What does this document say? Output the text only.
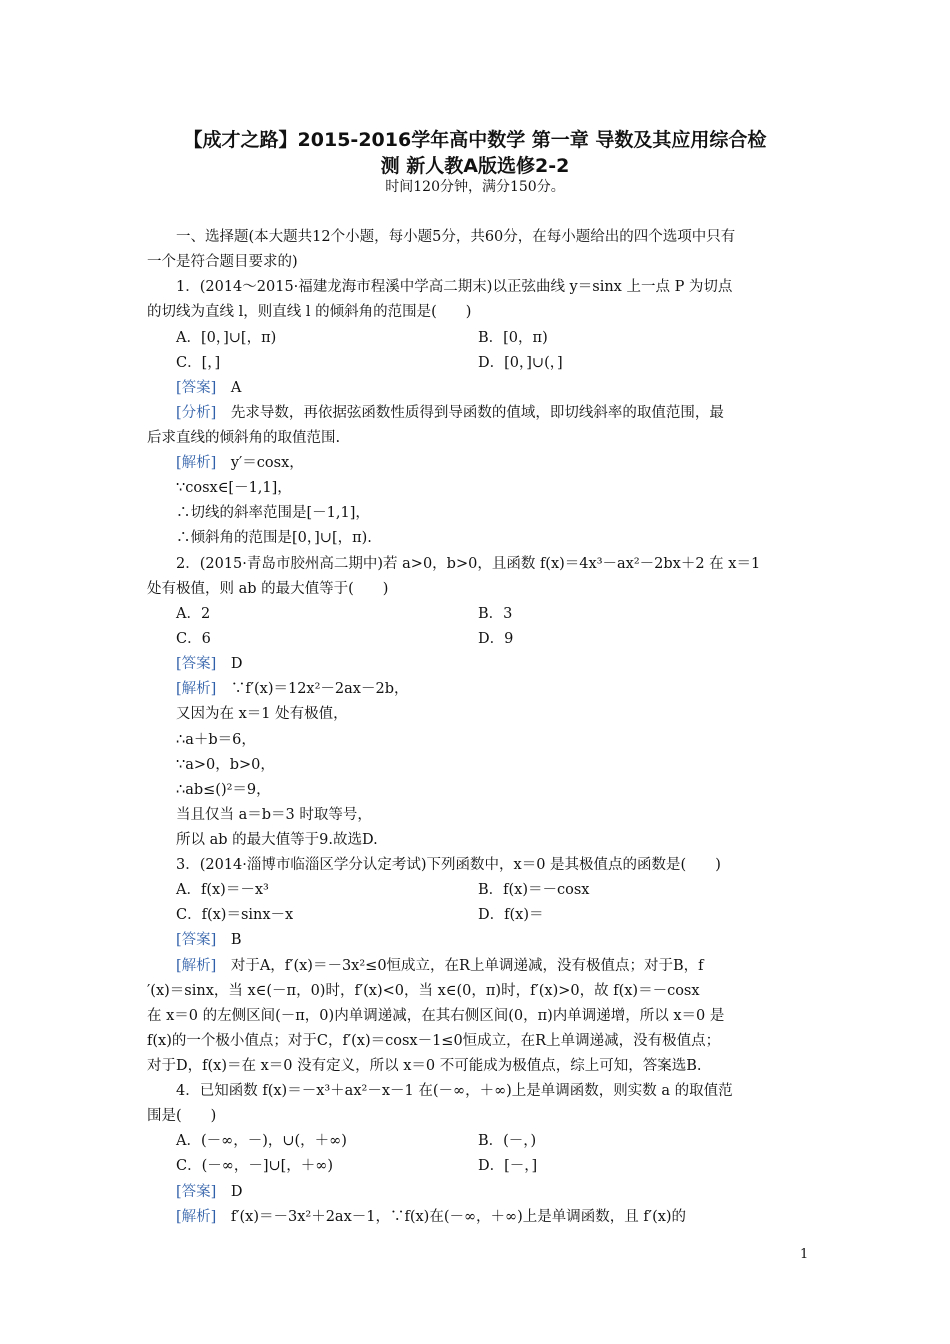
【成才之路】2015-2016学年高中数学 第一章 导数及其应用综合检
测 新人教A版选修2-2
时间120分钟，满分150分。
一、选择题(本大题共12个小题，每小题5分，共60分，在每小题给出的四个选项中只有
一个是符合题目要求的)
1．(2014～2015·福建龙海市程溪中学高二期末)以正弦曲线 y＝sinx 上一点 P 为切点
的切线为直线 l，则直线 l 的倾斜角的范围是(　　)
A．[0，]∪[，π)	B．[0，π)
C．[，]	D．[0，]∪(，]
[答案]　 A
[分析]　 先求导数，再依据弦函数性质得到导函数的值域，即切线斜率的取值范围，最
后求直线的倾斜角的取值范围.
[解析]　 y′＝cosx，
∵cosx∈[－1,1]，
∴切线的斜率范围是[－1,1]，
∴倾斜角的范围是[0，]∪[，π).
2．(2015·青岛市胶州高二期中)若 a>0，b>0，且函数 f(x)＝4x³－ax²－2bx＋2 在 x＝1
处有极值，则 ab 的最大值等于(　　)
A．2	B．3
C．6	D．9
[答案]　 D
[解析]　 ∵f′(x)＝12x²－2ax－2b，
又因为在 x＝1 处有极值，
∴a＋b＝6，
∵a>0，b>0，
∴ab≤()²＝9，
当且仅当 a＝b＝3 时取等号，
所以 ab 的最大值等于9.故选D.
3．(2014·淄博市临淄区学分认定考试)下列函数中，x＝0 是其极值点的函数是(　　)
A．f(x)＝－x³	B．f(x)＝－cosx
C．f(x)＝sinx－x	D．f(x)＝
[答案]　 B
[解析]　 对于A，f′(x)＝－3x²≤0恒成立，在R上单调递减，没有极值点；对于B，f
′(x)＝sinx，当 x∈(－π，0)时，f′(x)<0，当 x∈(0，π)时，f′(x)>0，故 f(x)＝－cosx
在 x＝0 的左侧区间(－π，0)内单调递减，在其右侧区间(0，π)内单调递增，所以 x＝0 是
f(x)的一个极小值点；对于C，f′(x)＝cosx－1≤0恒成立，在R上单调递减，没有极值点；
对于D，f(x)＝在 x＝0 没有定义，所以 x＝0 不可能成为极值点，综上可知，答案选B.
4．已知函数 f(x)＝－x³＋ax²－x－1 在(－∞，＋∞)上是单调函数，则实数 a 的取值范
围是(　　)
A．(－∞，－)，∪(，＋∞)	B．(－，)
C．(－∞，－]∪[，＋∞)	D．[－，]
[答案]　 D
[解析]　 f′(x)＝－3x²＋2ax－1，∵f(x)在(－∞，＋∞)上是单调函数，且 f′(x)的
1
